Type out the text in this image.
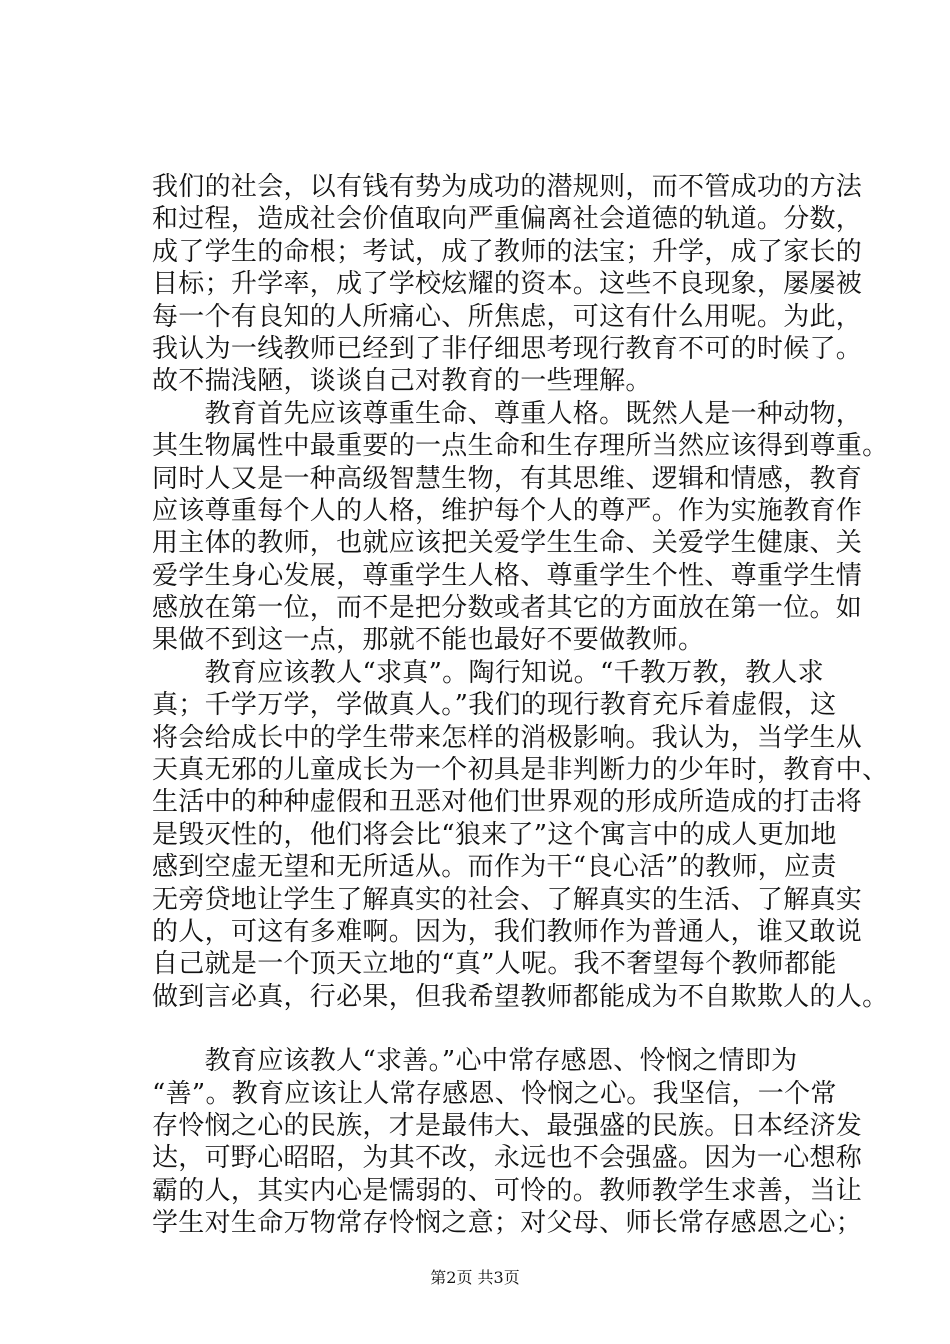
我们的社会，以有钱有势为成功的潜规则，而不管成功的方法
和过程，造成社会价值取向严重偏离社会道德的轨道。分数，
成了学生的命根；考试，成了教师的法宝；升学，成了家长的
目标；升学率，成了学校炫耀的资本。这些不良现象，屡屡被
每一个有良知的人所痛心、所焦虑，可这有什么用呢。为此，
我认为一线教师已经到了非仔细思考现行教育不可的时候了。
故不揣浅陋，谈谈自己对教育的一些理解。
　　教育首先应该尊重生命、尊重人格。既然人是一种动物，
其生物属性中最重要的一点生命和生存理所当然应该得到尊重。
同时人又是一种高级智慧生物，有其思维、逻辑和情感，教育
应该尊重每个人的人格，维护每个人的尊严。作为实施教育作
用主体的教师，也就应该把关爱学生生命、关爱学生健康、关
爱学生身心发展，尊重学生人格、尊重学生个性、尊重学生情
感放在第一位，而不是把分数或者其它的方面放在第一位。如
果做不到这一点，那就不能也最好不要做教师。
　　教育应该教人“求真”。陶行知说。“千教万教，教人求
真；千学万学，学做真人。”我们的现行教育充斥着虚假，这
将会给成长中的学生带来怎样的消极影响。我认为，当学生从
天真无邪的儿童成长为一个初具是非判断力的少年时，教育中、
生活中的种种虚假和丑恶对他们世界观的形成所造成的打击将
是毁灭性的，他们将会比“狼来了”这个寓言中的成人更加地
感到空虚无望和无所适从。而作为干“良心活”的教师，应责
无旁贷地让学生了解真实的社会、了解真实的生活、了解真实
的人，可这有多难啊。因为，我们教师作为普通人，谁又敢说
自己就是一个顶天立地的“真”人呢。我不奢望每个教师都能
做到言必真，行必果，但我希望教师都能成为不自欺欺人的人。
　　教育应该教人“求善。”心中常存感恩、怜悯之情即为
“善”。教育应该让人常存感恩、怜悯之心。我坚信，一个常
存怜悯之心的民族，才是最伟大、最强盛的民族。日本经济发
达，可野心昭昭，为其不改，永远也不会强盛。因为一心想称
霸的人，其实内心是懦弱的、可怜的。教师教学生求善，当让
学生对生命万物常存怜悯之意；对父母、师长常存感恩之心；
第2页 共3页
